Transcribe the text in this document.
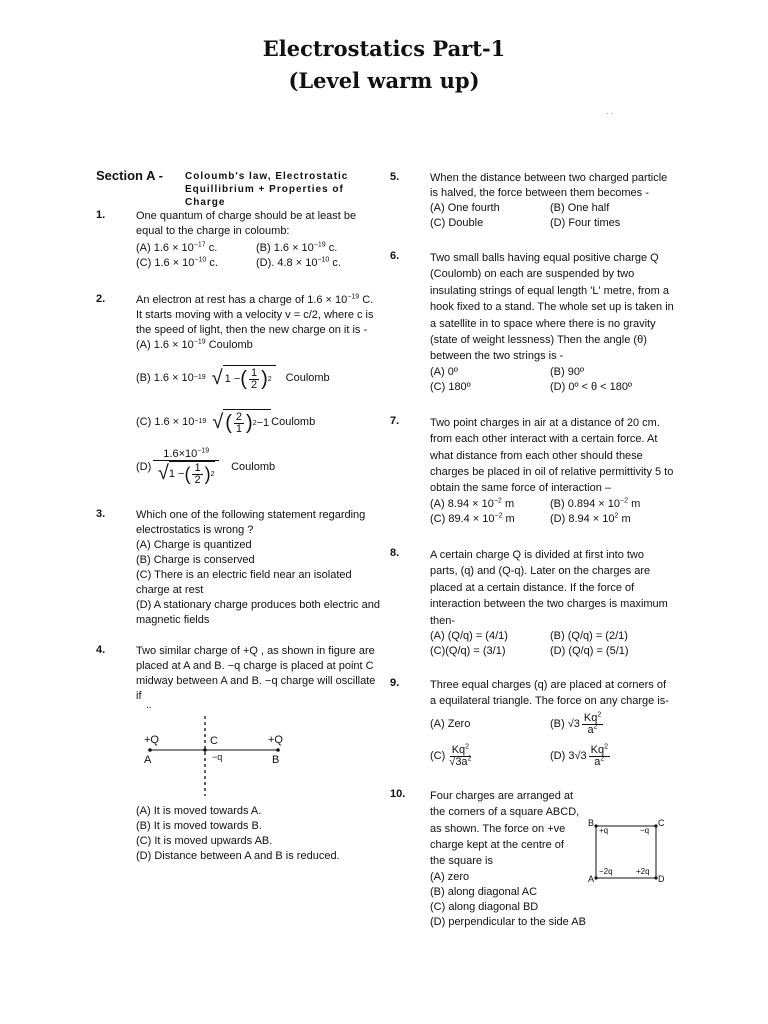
Electrostatics Part-1
(Level warm up)
. .
Section A - Coloumb's law, Electrostatic Equillibrium + Properties of Charge
1.	One quantum of charge should be at least be equal to the charge in coloumb:
(A) $1.6 \times 10^{-17}$ c.	(B) $1.6 \times 10^{-19}$ c.
(C) $1.6 \times 10^{-10}$ c.	(D). $4.8 \times 10^{-10}$ c.
2.	An electron at rest has a charge of $1.6 \times 10^{-19}$ C. It starts moving with a velocity v = c/2, where c is the speed of light, then the new charge on it is -
(A) $1.6 \times 10^{-19}$ Coulomb
(B) 1.6 × 10 −19 √ 1 − ( $\frac{1}{2}$ ) 2 Coulomb
(C) 1.6 × 10 −19 √ ( $\frac{2}{1}$ ) 2 −1 Coulomb
(D)
$1.6\times 10^{-19}$
√ 1 − ( $\frac{1}{2}$ ) 2
Coulomb
3.	Which one of the following statement regarding electrostatics is wrong ?
(A) Charge is quantized
(B) Charge is conserved
(C) There is an electric field near an isolated charge at rest
(D) A stationary charge produces both electric and magnetic fields
4.	Two similar charge of +Q , as shown in figure are placed at A and B. −q charge is placed at point C midway between A and B. −q charge will oscillate if
..
+Q	+Q
C
−q
A	B
(A) It is moved towards A.
(B) It is moved towards B.
(C) It is moved upwards AB.
(D) Distance between A and B is reduced.
5.	When the distance between two charged particle is halved, the force between them becomes -
(A) One fourth	(B) One half
(C) Double	(D) Four times
6.	Two small balls having equal positive charge Q (Coulomb) on each are suspended by two insulating strings of equal length 'L' metre, from a hook fixed to a stand. The whole set up is taken in a satellite in to space where there is no gravity (state of weight lessness) Then the angle (θ) between the two strings is -
(A) 0º	(B) 90º
(C) 180º	(D) 0º < θ < 180º
7.	Two point charges in air at a distance of 20 cm. from each other interact with a certain force. At what distance from each other should these charges be placed in oil of relative permittivity 5 to obtain the same force of interaction –
(A) $8.94 \times 10^{-2}$ m	(B) $0.894 \times 10^{-2}$ m
(C) $89.4 \times 10^{-2}$ m	(D) $8.94 \times 10^2$ m
8.	A certain charge Q is divided at first into two parts, (q) and (Q-q). Later on the charges are placed at a certain distance. If the force of interaction between the two charges is maximum then-
(A) (Q/q) = (4/1)	(B) (Q/q) = (2/1)
(C)(Q/q) = (3/1)	(D) (Q/q) = (5/1)
9.	Three equal charges (q) are placed at corners of a equilateral triangle. The force on any charge is-
(A) Zero	(B) $√3 \frac{Kq^2}{a^2}$
$(C) \frac{Kq^2}{√3a^2}$	(D) $3√3 \frac{Kq^2}{a^2}$
10. Four charges are arranged at the corners of a square ABCD, as shown. The force on +ve charge kept at the centre of the square is
(A) zero
(B) along diagonal AC
(C) along diagonal BD
(D) perpendicular to the side AB
B	C
A	D
+q	−q
−2q	+2q
